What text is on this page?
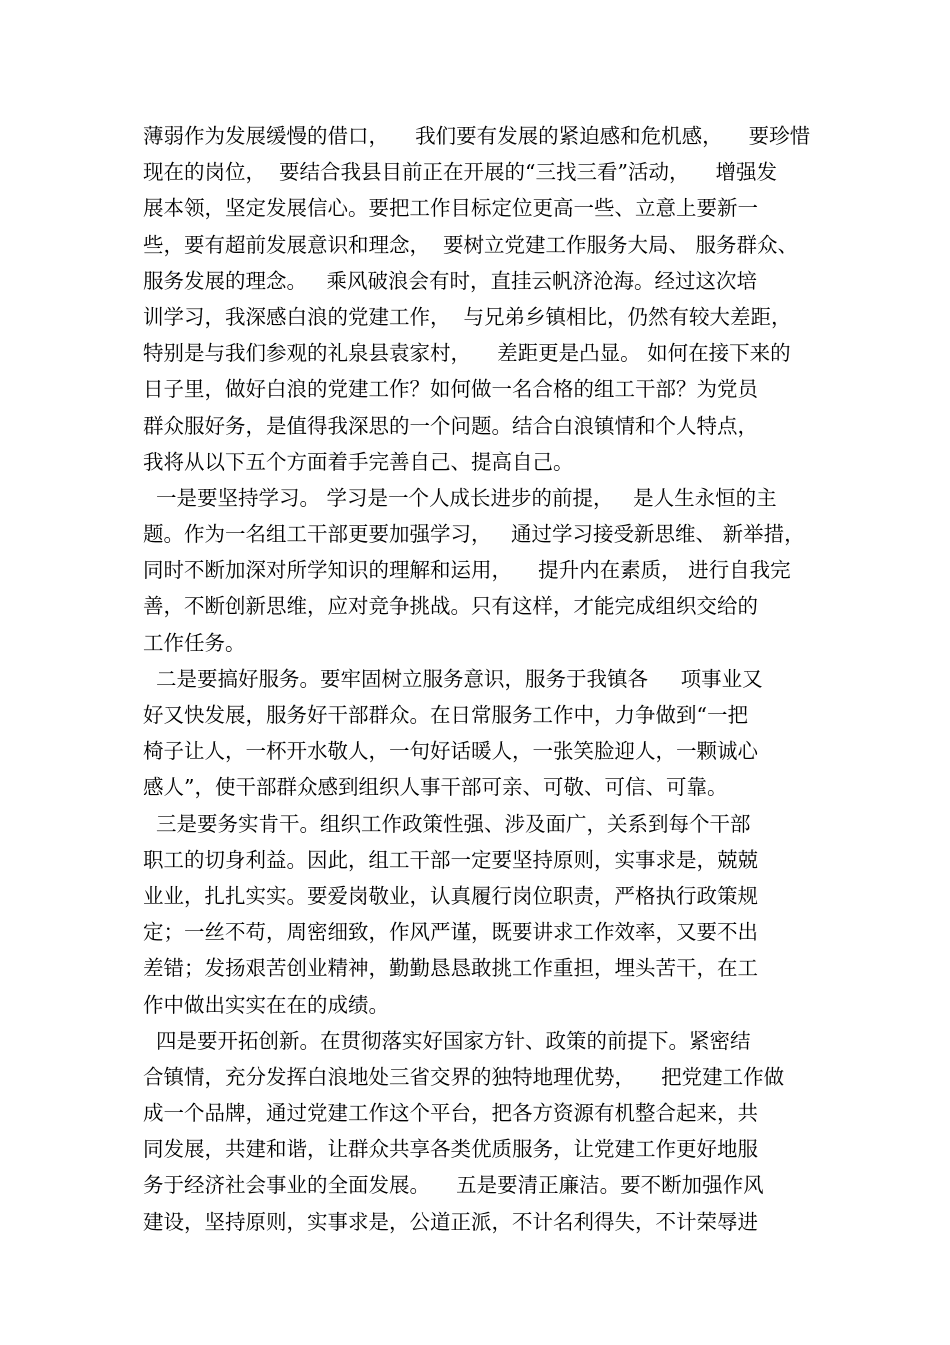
薄弱作为发展缓慢的借口，    我们要有发展的紧迫感和危机感，    要珍惜
现在的岗位，  要结合我县目前正在开展的“三找三看”活动，    增强发
展本领，坚定发展信心。要把工作目标定位更高一些、立意上要新一
些，要有超前发展意识和理念，  要树立党建工作服务大局、 服务群众、
服务发展的理念。   乘风破浪会有时，直挂云帆济沧海。经过这次培
训学习，我深感白浪的党建工作，  与兄弟乡镇相比，仍然有较大差距，
特别是与我们参观的礼泉县袁家村，    差距更是凸显。 如何在接下来的
日子里，做好白浪的党建工作？如何做一名合格的组工干部？为党员
群众服好务，是值得我深思的一个问题。结合白浪镇情和个人特点，
我将从以下五个方面着手完善自己、提高自己。
一是要坚持学习。 学习是一个人成长进步的前提，   是人生永恒的主
题。作为一名组工干部更要加强学习，   通过学习接受新思维、 新举措，
同时不断加深对所学知识的理解和运用，    提升内在素质， 进行自我完
善，不断创新思维，应对竞争挑战。只有这样，才能完成组织交给的
工作任务。
二是要搞好服务。要牢固树立服务意识，服务于我镇各     项事业又
好又快发展，服务好干部群众。在日常服务工作中，力争做到“一把
椅子让人，一杯开水敬人，一句好话暖人，一张笑脸迎人，一颗诚心
感人”，使干部群众感到组织人事干部可亲、可敬、可信、可靠。
三是要务实肯干。组织工作政策性强、涉及面广，关系到每个干部
职工的切身利益。因此，组工干部一定要坚持原则，实事求是，兢兢
业业，扎扎实实。要爱岗敬业，认真履行岗位职责，严格执行政策规
定；一丝不苟，周密细致，作风严谨，既要讲求工作效率，又要不出
差错；发扬艰苦创业精神，勤勤恳恳敢挑工作重担，埋头苦干，在工
作中做出实实在在的成绩。
四是要开拓创新。在贯彻落实好国家方针、政策的前提下。紧密结
合镇情，充分发挥白浪地处三省交界的独特地理优势，    把党建工作做
成一个品牌，通过党建工作这个平台，把各方资源有机整合起来，共
同发展，共建和谐，让群众共享各类优质服务，让党建工作更好地服
务于经济社会事业的全面发展。    五是要清正廉洁。要不断加强作风
建设，坚持原则，实事求是，公道正派，不计名利得失，不计荣辱进
